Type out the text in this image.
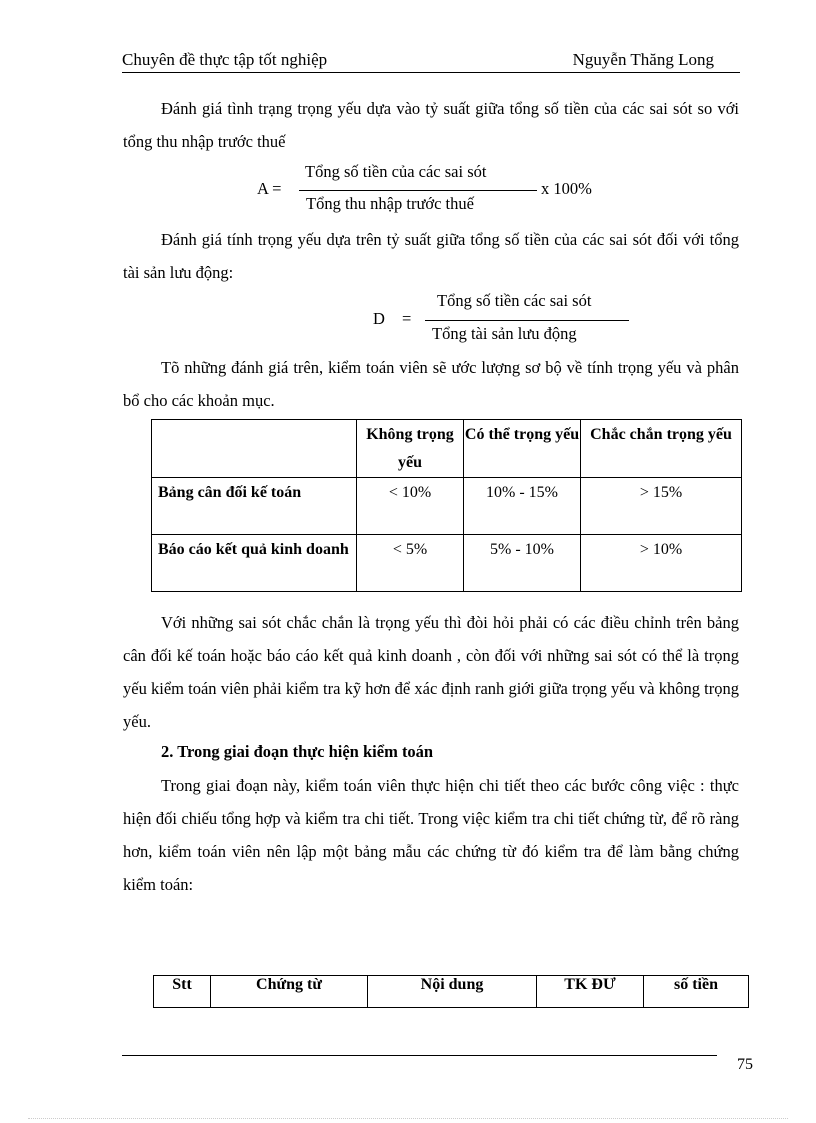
Chuyên đề thực tập tốt nghiệp	Nguyễn Thăng Long
Đánh giá tình trạng trọng yếu dựa vào tỷ suất giữa tổng số tiền của các sai sót so với tổng thu nhập trước thuế
A =
Tổng số tiền của các sai sót
x 100%
Tổng thu nhập trước thuế
Đánh giá tính trọng yếu dựa trên tỷ suất giữa tổng số tiền của các sai sót đối với tổng tài sản lưu động:
D =
Tổng số tiền các sai sót
Tổng tài sản lưu động
Tõ những đánh giá trên, kiểm toán viên sẽ ước lượng sơ bộ về tính trọng yếu và phân bổ cho các khoản mục.

	Không trọng yếu	Có thể trọng yếu	Chắc chắn trọng yếu

Bảng cân đối kế toán	< 10%	10% - 15%	> 15%

Báo cáo kết quả kinh doanh	< 5%	5% - 10%	> 10%
Với những sai sót chắc chắn là trọng yếu thì đòi hỏi phải có các điều chỉnh trên bảng cân đối kế toán hoặc báo cáo kết quả kinh doanh , còn đối với những sai sót có thể là trọng yếu kiểm toán viên phải kiểm tra kỹ hơn để xác định ranh giới giữa trọng yếu và không trọng yếu.
2. Trong giai đoạn thực hiện kiểm toán
Trong giai đoạn này, kiểm toán viên thực hiện chi tiết theo các bước công việc : thực hiện đối chiếu tổng hợp và kiểm tra chi tiết. Trong việc kiểm tra chi tiết chứng từ, để rõ ràng hơn, kiểm toán viên nên lập một bảng mẫu các chứng từ đó kiểm tra để làm bằng chứng kiểm toán:
Stt	Chứng từ	Nội dung	TK ĐƯ	số tiền
75
